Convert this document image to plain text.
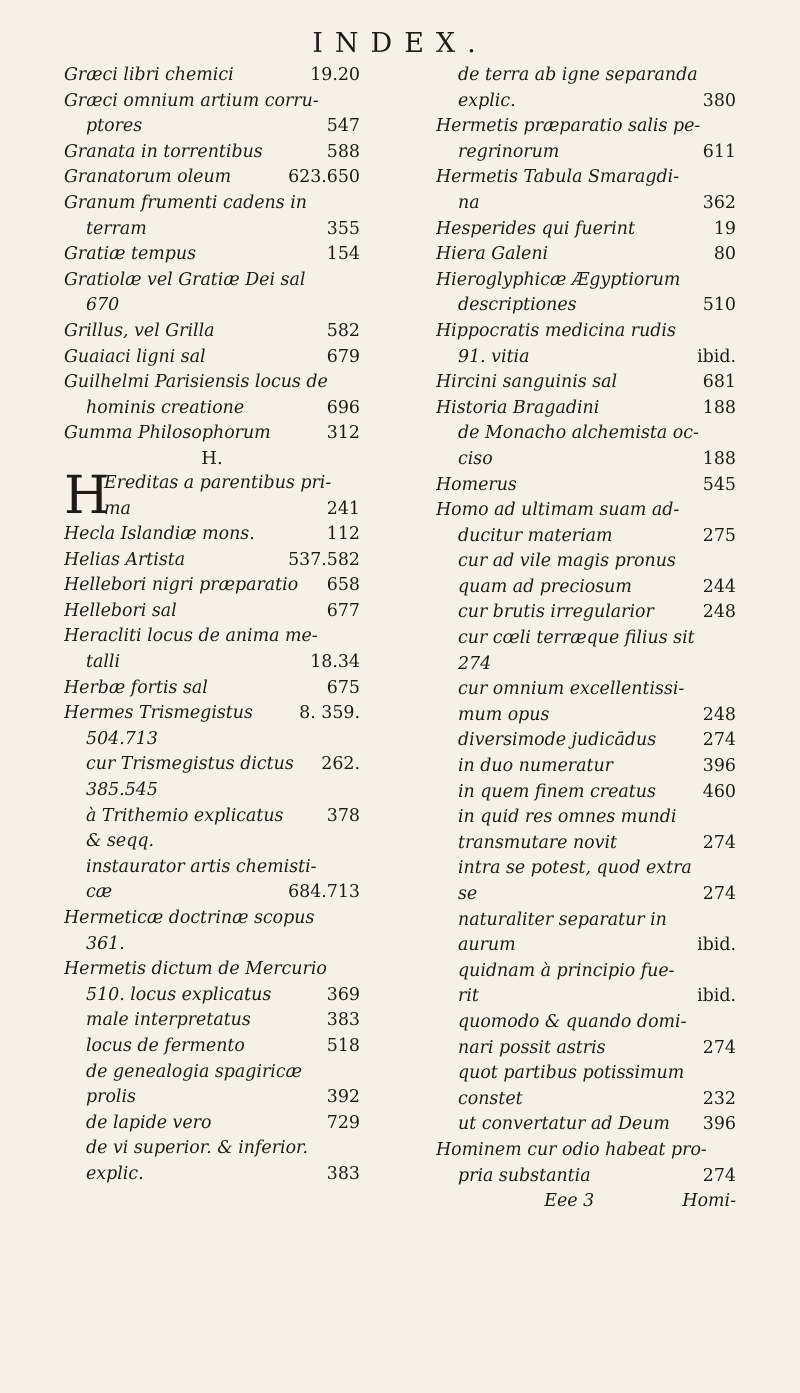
INDEX.
Græci libri chemici	19.20
Græci omnium artium corru-
ptores	547
Granata in torrentibus	588
Granatorum oleum	623.650
Granum frumenti cadens in
terram	355
Gratiæ tempus	154
Gratiolæ vel Gratiæ Dei sal
670
Grillus, vel Grilla	582
Guaiaci ligni sal	679
Guilhelmi Parisiensis locus de
hominis creatione	696
Gumma Philosophorum	312
H.
H
Ereditas a parentibus pri-
ma	241
Hecla Islandiæ mons.	112
Helias Artista	537.582
Hellebori nigri præparatio	658
Hellebori sal	677
Heracliti locus de anima me-
talli	18.34
Herbæ fortis sal	675
Hermes Trismegistus	8. 359.
504.713
cur Trismegistus dictus	262.
385.545
à Trithemio explicatus	378
& seqq.
instaurator artis chemisti-
cæ	684.713
Hermeticæ doctrinæ scopus
361.
Hermetis dictum de Mercurio
510. locus explicatus	369
male interpretatus	383
locus de fermento	518
de genealogia spagiricæ
prolis	392
de lapide vero	729
de vi superior. & inferior.
explic.	383
de terra ab igne separanda
explic.	380
Hermetis præparatio salis pe-
regrinorum	611
Hermetis Tabula Smaragdi-
na	362
Hesperides qui fuerint	19
Hiera Galeni	80
Hieroglyphicæ Ægyptiorum
descriptiones	510
Hippocratis medicina rudis
91. vitia	ibid.
Hircini sanguinis sal	681
Historia Bragadini	188
de Monacho alchemista oc-
ciso	188
Homerus	545
Homo ad ultimam suam ad-
ducitur materiam	275
cur ad vile magis pronus
quam ad preciosum	244
cur brutis irregularior	248
cur cœli terræque filius sit
274
cur omnium excellentissi-
mum opus	248
diversimode judicādus	274
in duo numeratur	396
in quem finem creatus	460
in quid res omnes mundi
transmutare novit	274
intra se potest, quod extra
se	274
naturaliter separatur in
aurum	ibid.
quidnam à principio fue-
rit	ibid.
quomodo & quando domi-
nari possit astris	274
quot partibus potissimum
constet	232
ut convertatur ad Deum	396
Hominem cur odio habeat pro-
pria substantia	274
Eee 3	Homi-
